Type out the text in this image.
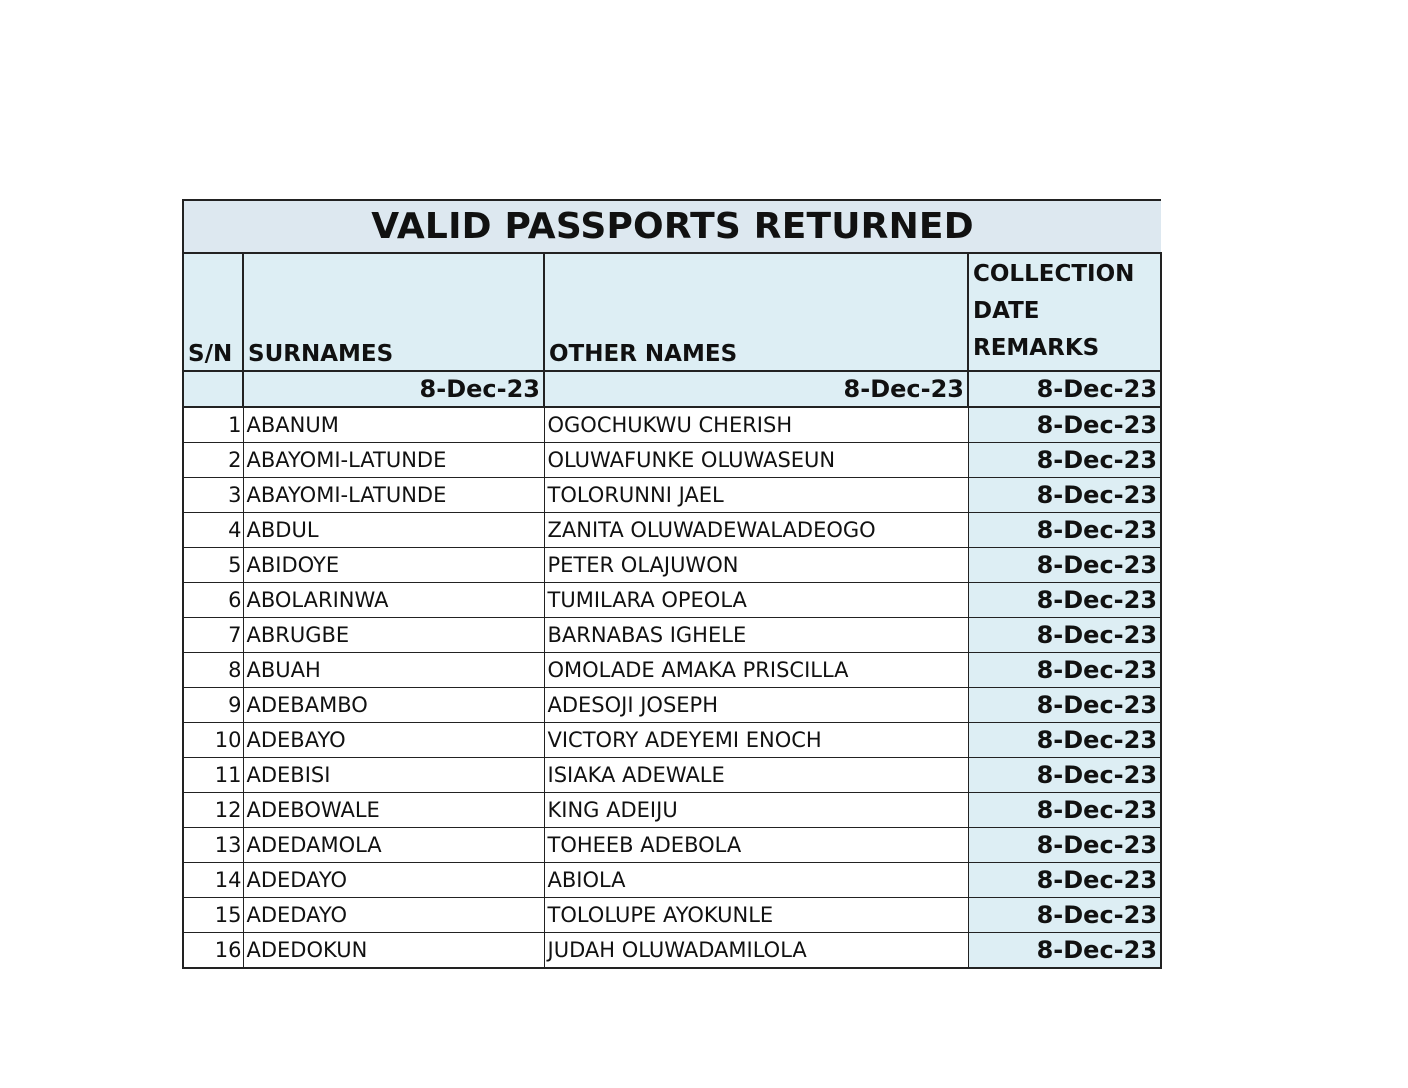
VALID PASSPORTS RETURNED			
S/N	SURNAMES	OTHER NAMES	COLLECTION DATE REMARKS
	8-Dec-23	8-Dec-23	8-Dec-23
1	ABANUM	OGOCHUKWU CHERISH	8-Dec-23
2	ABAYOMI-LATUNDE	OLUWAFUNKE OLUWASEUN	8-Dec-23
3	ABAYOMI-LATUNDE	TOLORUNNI JAEL	8-Dec-23
4	ABDUL	ZANITA OLUWADEWALADEOGO	8-Dec-23
5	ABIDOYE	PETER OLAJUWON	8-Dec-23
6	ABOLARINWA	TUMILARA OPEOLA	8-Dec-23
7	ABRUGBE	BARNABAS IGHELE	8-Dec-23
8	ABUAH	OMOLADE AMAKA PRISCILLA	8-Dec-23
9	ADEBAMBO	ADESOJI JOSEPH	8-Dec-23
10	ADEBAYO	VICTORY ADEYEMI ENOCH	8-Dec-23
11	ADEBISI	ISIAKA ADEWALE	8-Dec-23
12	ADEBOWALE	KING ADEIJU	8-Dec-23
13	ADEDAMOLA	TOHEEB ADEBOLA	8-Dec-23
14	ADEDAYO	ABIOLA	8-Dec-23
15	ADEDAYO	TOLOLUPE AYOKUNLE	8-Dec-23
16	ADEDOKUN	JUDAH OLUWADAMILOLA	8-Dec-23
